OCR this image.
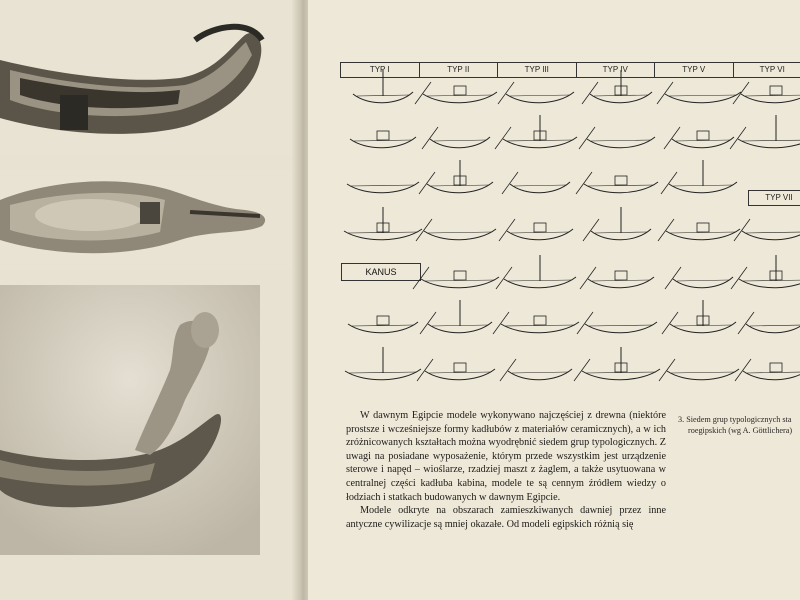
TYP I	TYP II	TYP III	TYP IV	TYP V	TYP VI
TYP VII
KANUS

W dawnym Egipcie modele wykonywano najczęściej z drewna (niektóre prostsze i wcześniejsze formy kadłubów z materiałów ceramicznych), a w ich zróżnicowanych kształtach można wyodrębnić siedem grup typologicznych. Z uwagi na posiadane wyposażenie, którym przede wszystkim jest urządzenie sterowe i napęd – wioślarze, rzadziej maszt z żaglem, a także usytuowana w centralnej części kadłuba kabina, modele te są cennym źródłem wiedzy o łodziach i statkach budowanych w dawnym Egipcie.

Modele odkryte na obszarach zamieszkiwanych dawniej przez inne antyczne cywilizacje są mniej okazałe. Od modeli egipskich różnią się

3. Siedem grup typologicznych sta
roegipskich (wg A. Göttlichera)
